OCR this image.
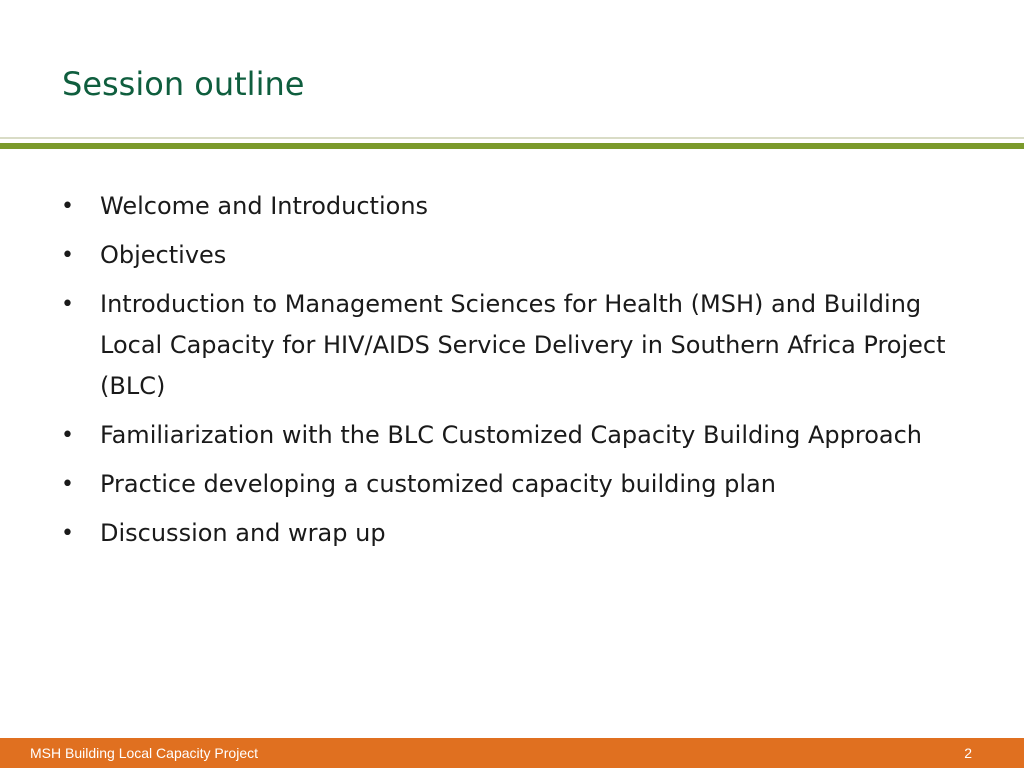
Session outline
• Welcome and Introductions
• Objectives
• Introduction to Management Sciences for Health (MSH) and Building Local Capacity for HIV/AIDS Service Delivery in Southern Africa Project (BLC)
• Familiarization with the BLC Customized Capacity Building Approach
• Practice developing a customized capacity building plan
• Discussion and wrap up
MSH Building Local Capacity Project	2
